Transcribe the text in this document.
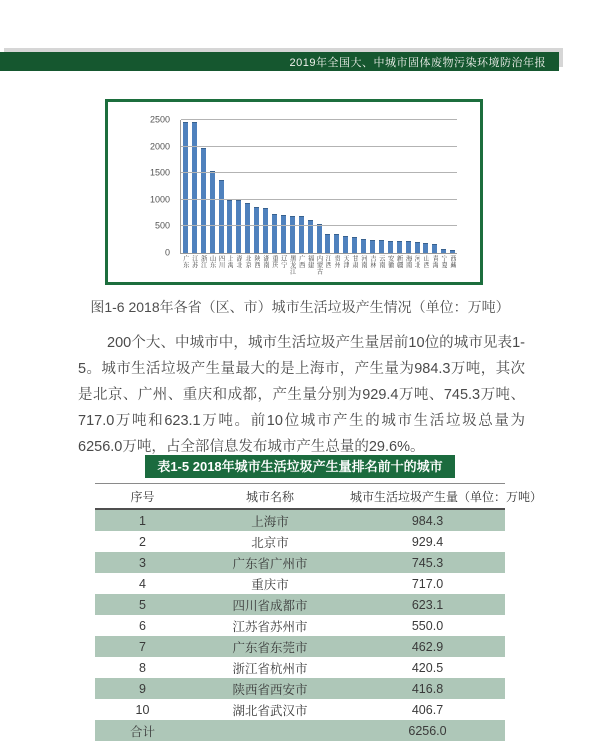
2019年全国大、中城市固体废物污染环境防治年报
0
500
1000
1500
2000
2500
广东 江苏 浙江 山东 四川 上海 湖北 北京 陕西 湖南 重庆 辽宁 黑龙江 广西 福建 内蒙古 江西 贵州 天津 甘肃 河南 吉林 云南 安徽 新疆 海南 河北 山西 青海 宁夏 西藏
图1-6 2018年各省（区、市）城市生活垃圾产生情况（单位：万吨）

200个大、中城市中，城市生活垃圾产生量居前10位的城市见表1-5。城市生活垃圾产生量最大的是上海市，产生量为984.3万吨，其次是北京、广州、重庆和成都，产生量分别为929.4万吨、745.3万吨、717.0万吨和623.1万吨。前10位城市产生的城市生活垃圾总量为6256.0万吨，占全部信息发布城市产生总量的29.6%。

表1-5 2018年城市生活垃圾产生量排名前十的城市
序号	城市名称	城市生活垃圾产生量（单位：万吨）
1	上海市	984.3
2	北京市	929.4
3	广东省广州市	745.3
4	重庆市	717.0
5	四川省成都市	623.1
6	江苏省苏州市	550.0
7	广东省东莞市	462.9
8	浙江省杭州市	420.5
9	陕西省西安市	416.8
10	湖北省武汉市	406.7
合计		6256.0
